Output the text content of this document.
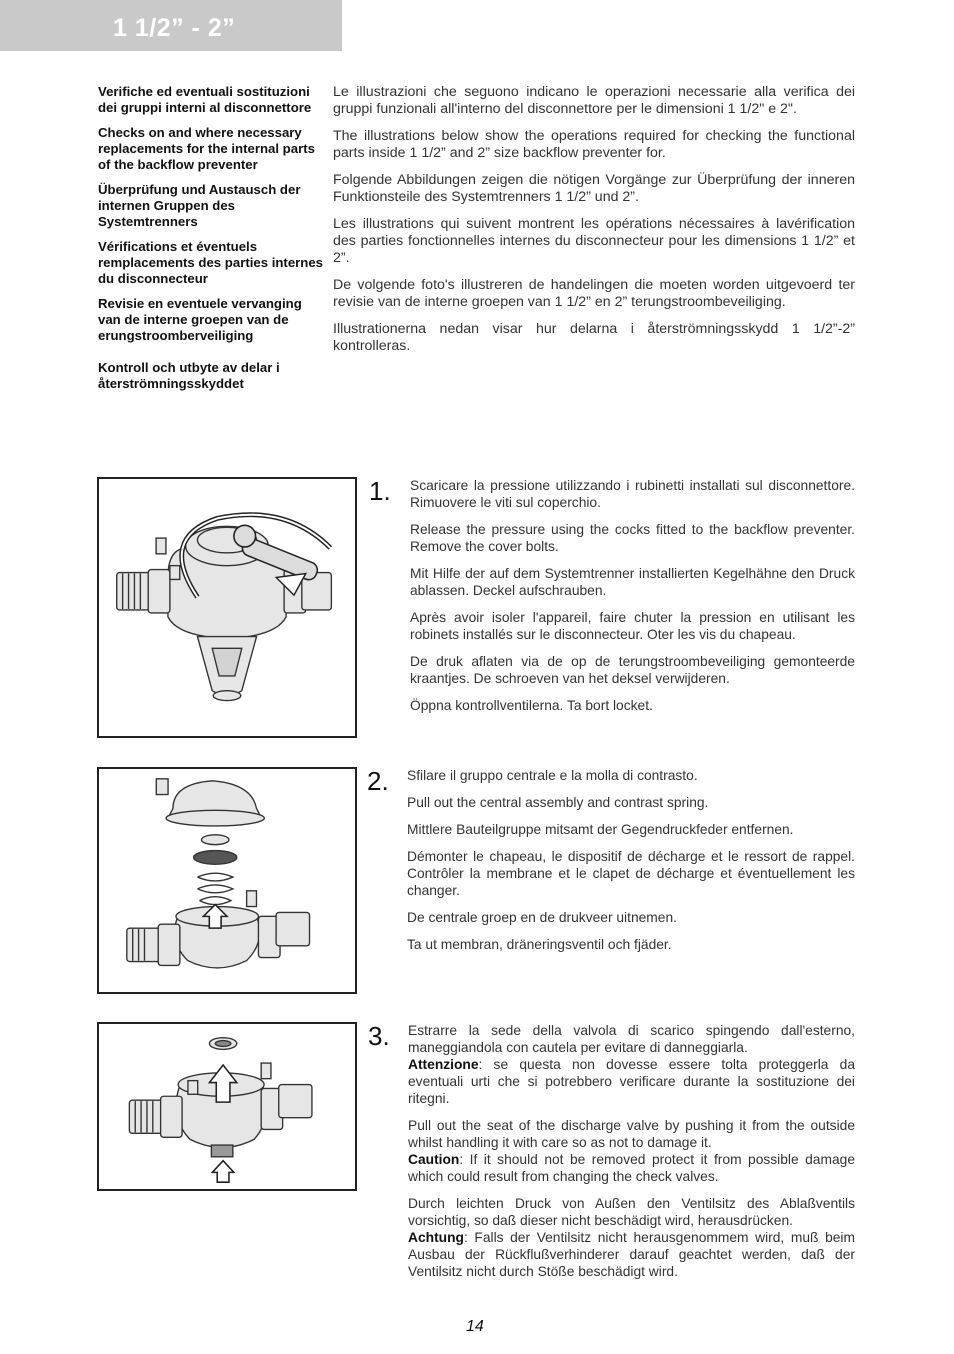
1 1/2” - 2”

Verifiche ed eventuali sostituzioni dei gruppi interni al disconnettore

Checks on and where necessary replacements for the internal parts of the backflow preventer

Überprüfung und Austausch der internen Gruppen des Systemtrenners

Vérifications et éventuels remplacements des parties internes du disconnecteur

Revisie en eventuele vervanging van de interne groepen van de erungstroomberveiliging

Kontroll och utbyte av delar i återströmningsskyddet

Le illustrazioni che seguono indicano le operazioni necessarie alla verifica dei gruppi funzionali all'interno del disconnettore per le dimensioni 1 1/2" e 2".

The illustrations below show the operations required for checking the functional parts inside 1 1/2” and 2” size backflow preventer for.

Folgende Abbildungen zeigen die nötigen Vorgänge zur Überprüfung der inneren Funktionsteile des Systemtrenners 1 1/2” und 2”.

Les illustrations qui suivent montrent les opérations nécessaires à lavérification des parties fonctionnelles internes du disconnecteur pour les dimensions 1 1/2” et 2”.

De volgende foto's illustreren de handelingen die moeten worden uitgevoerd ter revisie van de interne groepen van 1 1/2” en 2” terungstroombeveiliging.

Illustrationerna nedan visar hur delarna i återströmningsskydd 1 1/2”-2” kontrolleras.

1. Scaricare la pressione utilizzando i rubinetti installati sul disconnettore. Rimuovere le viti sul coperchio.

Release the pressure using the cocks fitted to the backflow preventer. Remove the cover bolts.

Mit Hilfe der auf dem Systemtrenner installierten Kegelhähne den Druck ablassen. Deckel aufschrauben.

Après avoir isoler l'appareil, faire chuter la pression en utilisant les robinets installés sur le disconnecteur. Oter les vis du chapeau.

De druk aflaten via de op de terungstroombeveiliging gemonteerde kraantjes. De schroeven van het deksel verwijderen.

Öppna kontrollventilerna. Ta bort locket.

2. Sfilare il gruppo centrale e la molla di contrasto.

Pull out the central assembly and contrast spring.

Mittlere Bauteilgruppe mitsamt der Gegendruckfeder entfernen.

Démonter le chapeau, le dispositif de décharge et le ressort de rappel. Contrôler la membrane et le clapet de décharge et éventuellement les changer.

De centrale groep en de drukveer uitnemen.

Ta ut membran, dräneringsventil och fjäder.

3. Estrarre la sede della valvola di scarico spingendo dall'esterno, maneggiandola con cautela per evitare di danneggiarla.
Attenzione: se questa non dovesse essere tolta proteggerla da eventuali urti che si potrebbero verificare durante la sostituzione dei ritegni.

Pull out the seat of the discharge valve by pushing it from the outside whilst handling it with care so as not to damage it.
Caution: If it should not be removed protect it from possible damage which could result from changing the check valves.

Durch leichten Druck von Außen den Ventilsitz des Ablaßventils vorsichtig, so daß dieser nicht beschädigt wird, herausdrücken.
Achtung: Falls der Ventilsitz nicht herausgenommem wird, muß beim Ausbau der Rückflußverhinderer darauf geachtet werden, daß der Ventilsitz nicht durch Stöße beschädigt wird.

14
